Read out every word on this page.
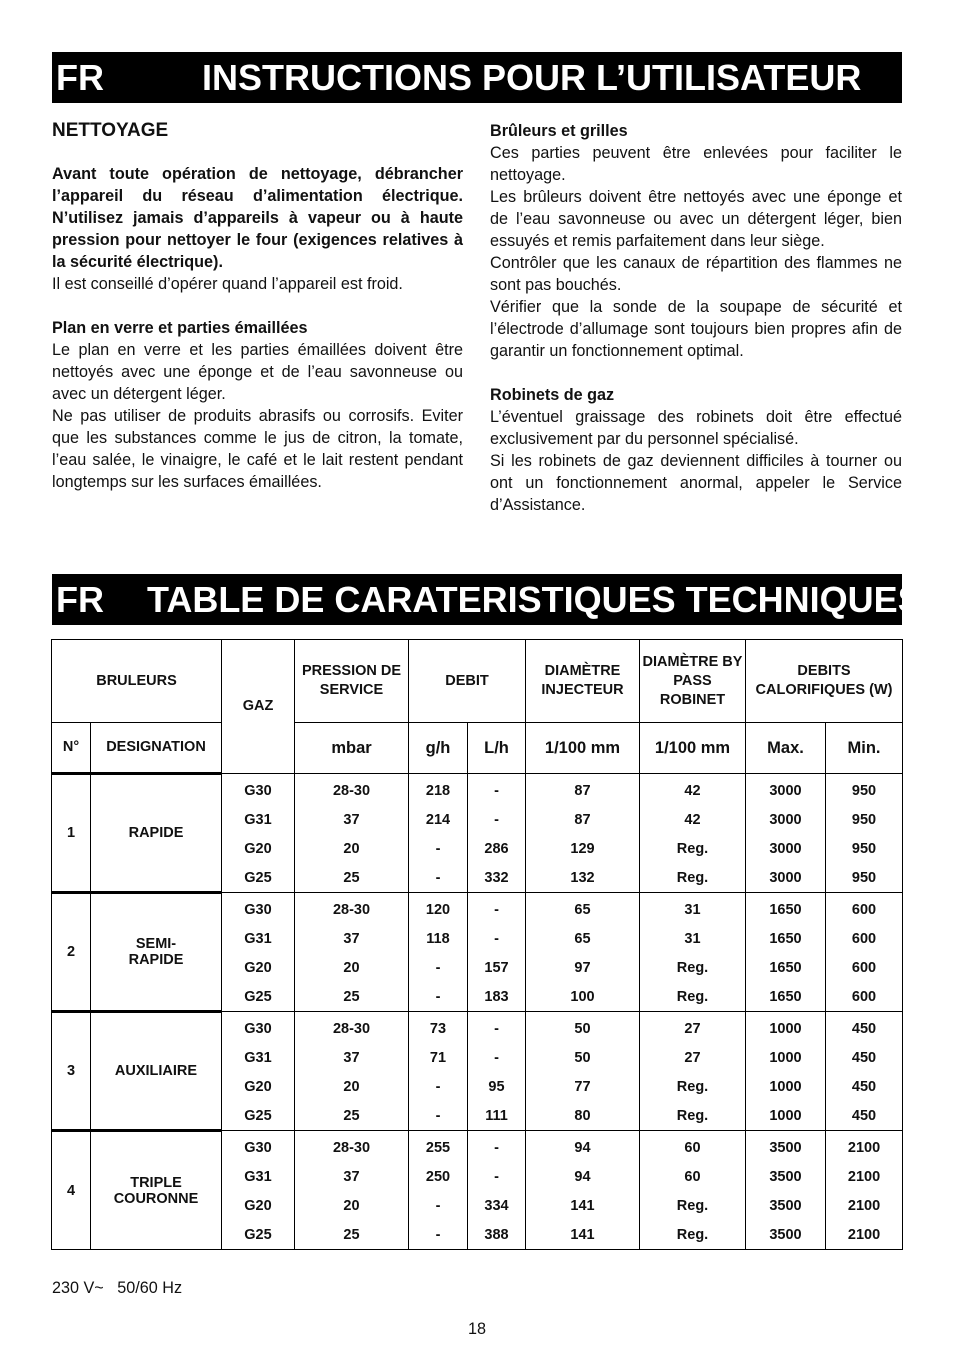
FR	INSTRUCTIONS POUR L’UTILISATEUR
NETTOYAGE

Avant toute opération de nettoyage, débrancher l’appareil du réseau d’alimentation électrique. N’utilisez jamais d’appareils à vapeur ou à haute pression pour nettoyer le four (exigences relatives à la sécurité électrique).

Il est conseillé d’opérer quand l’appareil est froid.

Plan en verre et parties émaillées

Le plan en verre et les parties émaillées doivent être nettoyés avec une éponge et de l’eau savonneuse ou avec un détergent léger.

Ne pas utiliser de produits abrasifs ou corrosifs. Eviter que les substances comme le jus de citron, la tomate, l’eau salée, le vinaigre, le café et le lait restent pendant longtemps sur les surfaces émaillées.

Brûleurs et grilles

Ces parties peuvent être enlevées pour faciliter le nettoyage.

Les brûleurs doivent être nettoyés avec une éponge et de l’eau savonneuse ou avec un détergent léger, bien essuyés et remis parfaitement dans leur siège.

Contrôler que les canaux de répartition des flammes ne sont pas bouchés.

Vérifier que la sonde de la soupape de sécurité et l’électrode d’allumage sont toujours bien propres afin de garantir un fonctionnement optimal.

Robinets de gaz

L’éventuel graissage des robinets doit être effectué exclusivement par du personnel spécialisé.

Si les robinets de gaz deviennent difficiles à tourner ou ont un fonctionnement anormal, appeler le Service d’Assistance.

FR TABLE DE CARATERISTIQUES TECHNIQUES
BRULEURS		GAZ	PRESSION DE SERVICE	DEBIT		DIAMÈTRE INJECTEUR	DIAMÈTRE BY PASS ROBINET	DEBITS CALORIFIQUES (W)	
N°	DESIGNATION		mbar	g/h	L/h	1/100 mm	1/100 mm	Max.	Min.
1	RAPIDE	G30	28-30	218	-	87	42	3000	950
		G31	37	214	-	87	42	3000	950
		G20	20	-	286	129	Reg.	3000	950
		G25	25	-	332	132	Reg.	3000	950
2	SEMI-RAPIDE	G30	28-30	120	-	65	31	1650	600
		G31	37	118	-	65	31	1650	600
		G20	20	-	157	97	Reg.	1650	600
		G25	25	-	183	100	Reg.	1650	600
3	AUXILIAIRE	G30	28-30	73	-	50	27	1000	450
		G31	37	71	-	50	27	1000	450
		G20	20	-	95	77	Reg.	1000	450
		G25	25	-	111	80	Reg.	1000	450
4	TRIPLE COURONNE	G30	28-30	255	-	94	60	3500	2100
		G31	37	250	-	94	60	3500	2100
		G20	20	-	334	141	Reg.	3500	2100
		G25	25	-	388	141	Reg.	3500	2100
230 V~   50/60 Hz
18
